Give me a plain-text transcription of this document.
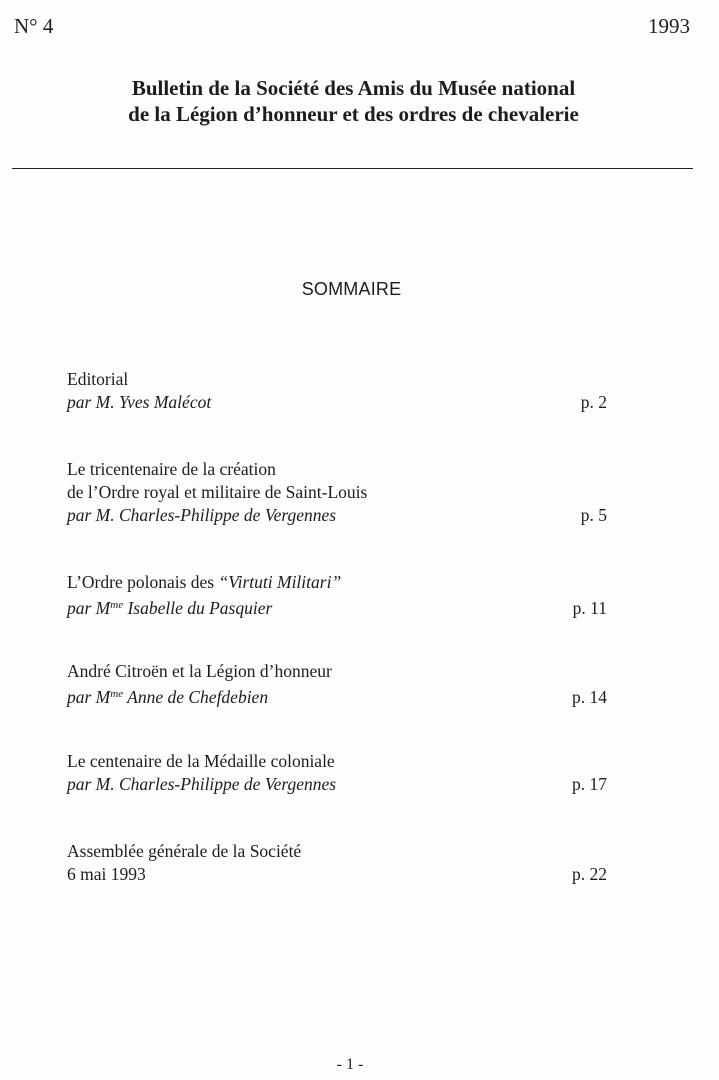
N° 4	1993
Bulletin de la Société des Amis du Musée national
de la Légion d’honneur et des ordres de chevalerie
SOMMAIRE
Editorial
par M. Yves Malécot	p. 2
Le tricentenaire de la création
de l’Ordre royal et militaire de Saint-Louis
par M. Charles-Philippe de Vergennes	p. 5
L’Ordre polonais des “Virtuti Militari”
par $M^{me}$ Isabelle du Pasquier	p. 11
André Citroën et la Légion d’honneur
par $M^{me}$ Anne de Chefdebien	p. 14
Le centenaire de la Médaille coloniale
par M. Charles-Philippe de Vergennes	p. 17
Assemblée générale de la Société
6 mai 1993	p. 22
- 1 -
